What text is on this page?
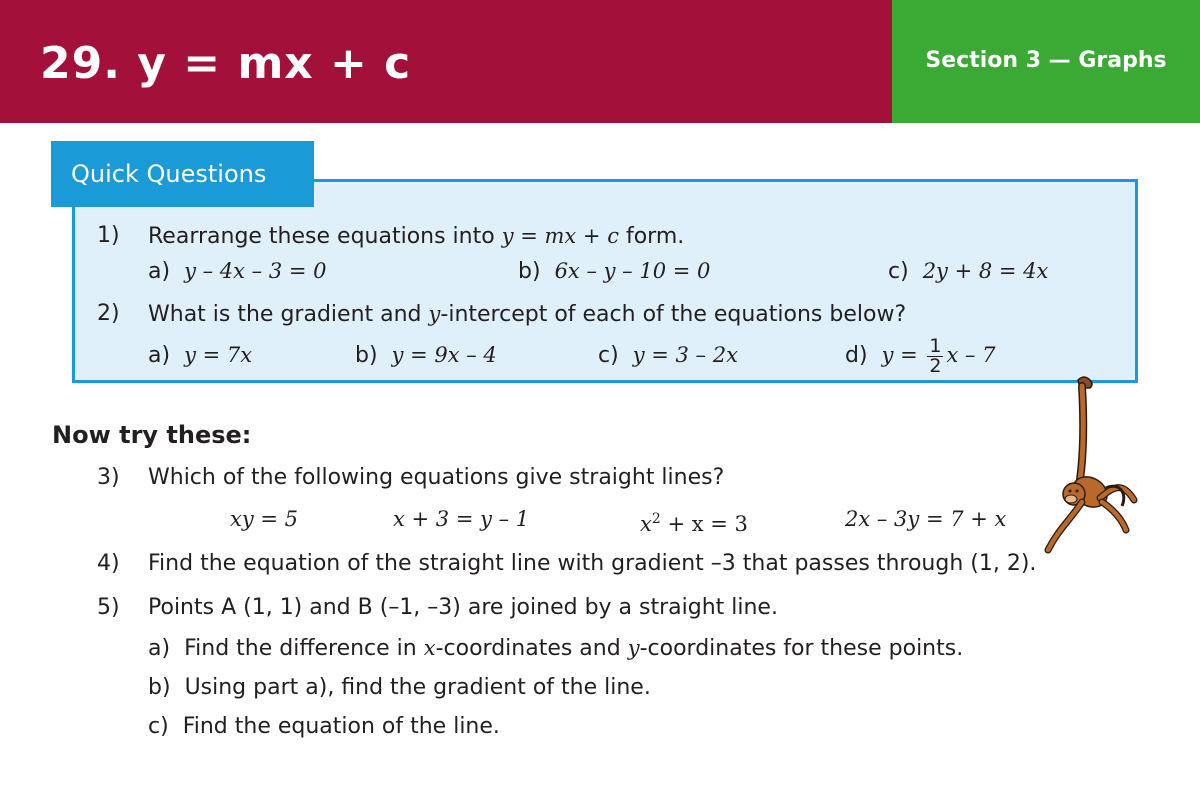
29. y = mx + c	Section 3 — Graphs
Quick Questions
1) Rearrange these equations into y = mx + c form.
a) y – 4x – 3 = 0	b) 6x – y – 10 = 0	c) 2y + 8 = 4x
2) What is the gradient and y-intercept of each of the equations below?
a) y = 7x	b) y = 9x – 4	c) y = 3 – 2x	d) $y = \frac{1}{2}$ x – 7
Now try these:
3) Which of the following equations give straight lines?
xy = 5	x + 3 = y – 1	$x^2 + x = 3$	2x – 3y = 7 + x
4) Find the equation of the straight line with gradient –3 that passes through (1, 2).
5) Points A (1, 1) and B (–1, –3) are joined by a straight line.
a) Find the difference in x-coordinates and y-coordinates for these points.
b) Using part a), find the gradient of the line.
c) Find the equation of the line.
